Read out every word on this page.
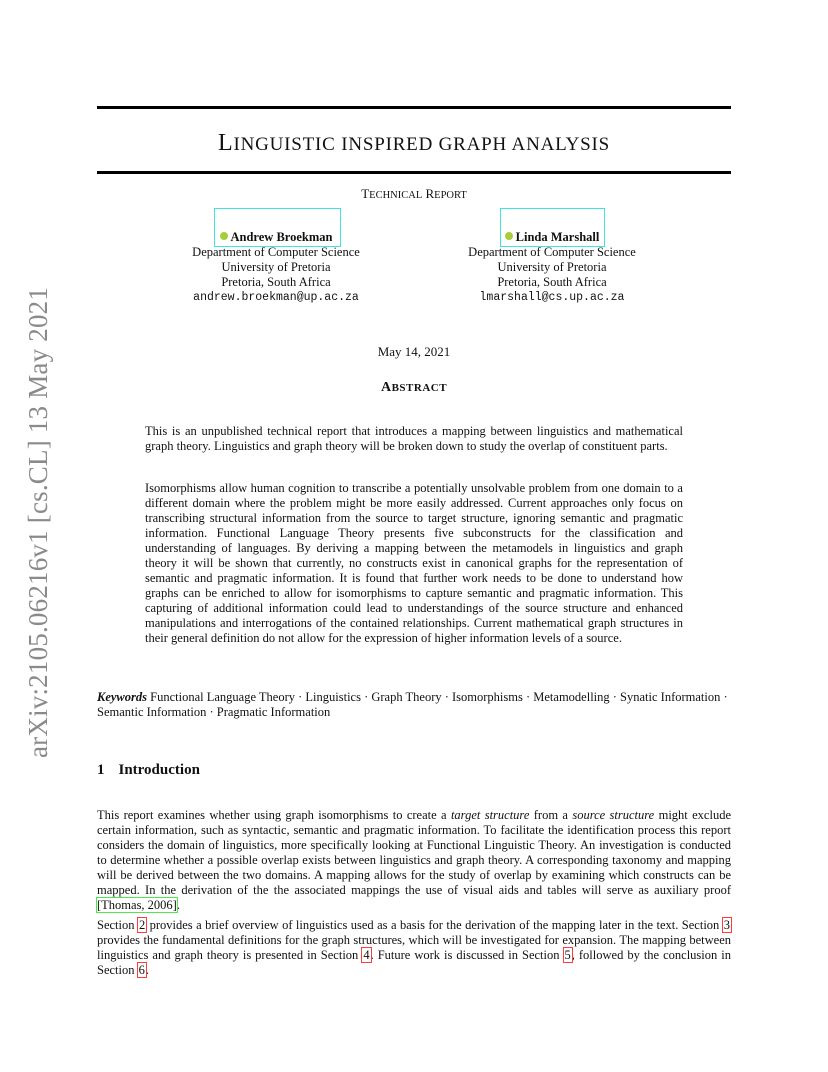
arXiv:2105.06216v1 [cs.CL] 13 May 2021
LINGUISTIC INSPIRED GRAPH ANALYSIS
TECHNICAL REPORT
Andrew Broekman
Department of Computer Science
University of Pretoria
Pretoria, South Africa
andrew.broekman@up.ac.za
Linda Marshall
Department of Computer Science
University of Pretoria
Pretoria, South Africa
lmarshall@cs.up.ac.za
May 14, 2021
ABSTRACT

This is an unpublished technical report that introduces a mapping between linguistics and mathematical graph theory. Linguistics and graph theory will be broken down to study the overlap of constituent parts.

Isomorphisms allow human cognition to transcribe a potentially unsolvable problem from one domain to a different domain where the problem might be more easily addressed. Current approaches only focus on transcribing structural information from the source to target structure, ignoring semantic and pragmatic information. Functional Language Theory presents five subconstructs for the classification and understanding of languages. By deriving a mapping between the metamodels in linguistics and graph theory it will be shown that currently, no constructs exist in canonical graphs for the representation of semantic and pragmatic information. It is found that further work needs to be done to understand how graphs can be enriched to allow for isomorphisms to capture semantic and pragmatic information. This capturing of additional information could lead to understandings of the source structure and enhanced manipulations and interrogations of the contained relationships. Current mathematical graph structures in their general definition do not allow for the expression of higher information levels of a source.

Keywords Functional Language Theory · Linguistics · Graph Theory · Isomorphisms · Metamodelling · Synatic Information · Semantic Information · Pragmatic Information

1 Introduction

This report examines whether using graph isomorphisms to create a target structure from a source structure might exclude certain information, such as syntactic, semantic and pragmatic information. To facilitate the identification process this report considers the domain of linguistics, more specifically looking at Functional Linguistic Theory. An investigation is conducted to determine whether a possible overlap exists between linguistics and graph theory. A corresponding taxonomy and mapping will be derived between the two domains. A mapping allows for the study of overlap by examining which constructs can be mapped. In the derivation of the the associated mappings the use of visual aids and tables will serve as auxiliary proof [Thomas, 2006].

Section 2 provides a brief overview of linguistics used as a basis for the derivation of the mapping later in the text. Section 3 provides the fundamental definitions for the graph structures, which will be investigated for expansion. The mapping between linguistics and graph theory is presented in Section 4. Future work is discussed in Section 5, followed by the conclusion in Section 6.
